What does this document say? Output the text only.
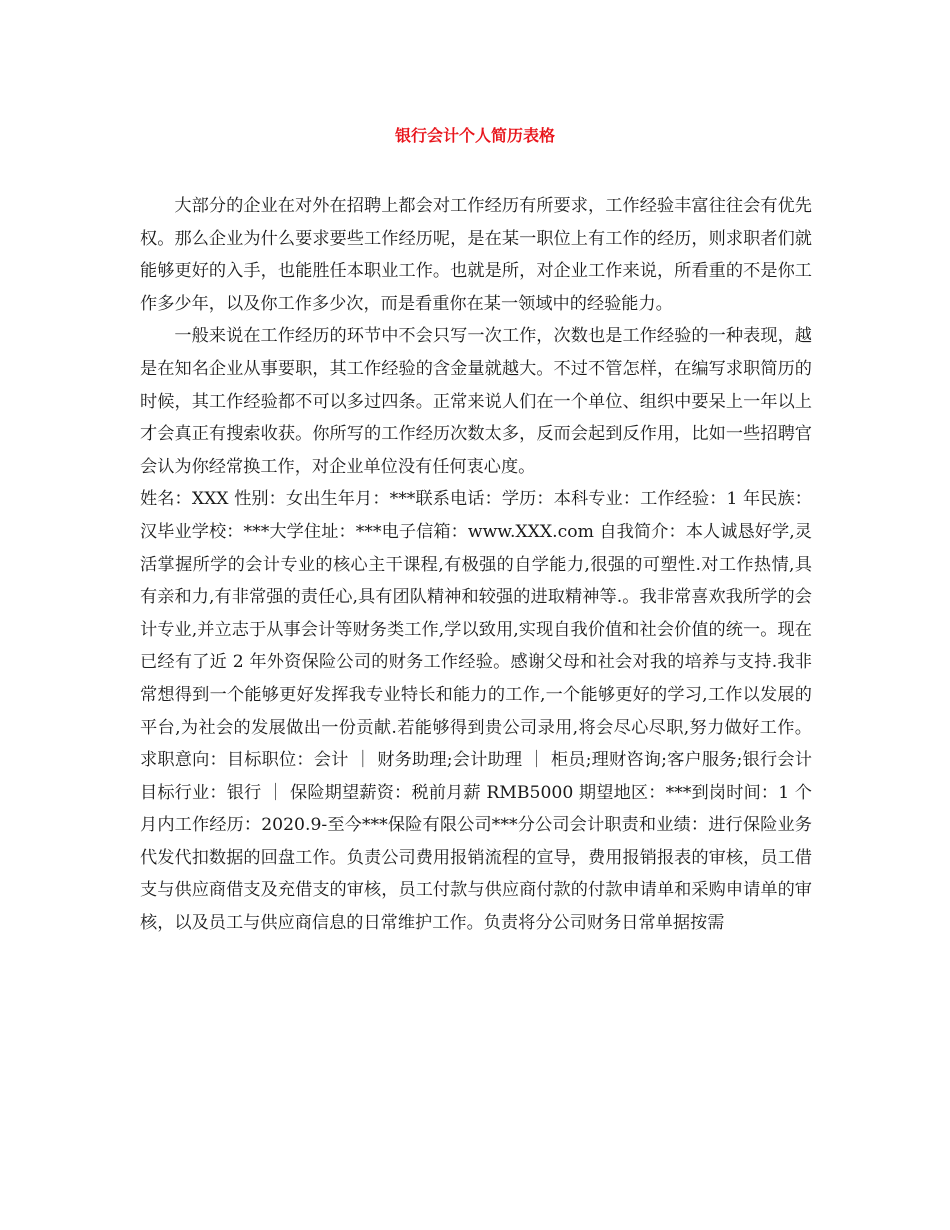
银行会计个人简历表格

大部分的企业在对外在招聘上都会对工作经历有所要求，工作经验丰富往往会有优先权。那么企业为什么要求要些工作经历呢，是在某一职位上有工作的经历，则求职者们就能够更好的入手，也能胜任本职业工作。也就是所，对企业工作来说，所看重的不是你工作多少年，以及你工作多少次，而是看重你在某一领域中的经验能力。

一般来说在工作经历的环节中不会只写一次工作，次数也是工作经验的一种表现，越是在知名企业从事要职，其工作经验的含金量就越大。不过不管怎样，在编写求职简历的时候，其工作经验都不可以多过四条。正常来说人们在一个单位、组织中要呆上一年以上才会真正有搜索收获。你所写的工作经历次数太多，反而会起到反作用，比如一些招聘官会认为你经常换工作，对企业单位没有任何衷心度。

姓名：XXX 性别：女出生年月：***联系电话：学历：本科专业：工作经验：1 年民族：汉毕业学校：***大学住址：***电子信箱：www.XXX.com 自我简介：本人诚恳好学,灵活掌握所学的会计专业的核心主干课程,有极强的自学能力,很强的可塑性.对工作热情,具有亲和力,有非常强的责任心,具有团队精神和较强的进取精神等.。我非常喜欢我所学的会计专业,并立志于从事会计等财务类工作,学以致用,实现自我价值和社会价值的统一。现在已经有了近 2 年外资保险公司的财务工作经验。感谢父母和社会对我的培养与支持.我非常想得到一个能够更好发挥我专业特长和能力的工作,一个能够更好的学习,工作以发展的平台,为社会的发展做出一份贡献.若能够得到贵公司录用,将会尽心尽职,努力做好工作。求职意向：目标职位：会计 ｜ 财务助理;会计助理 ｜ 柜员;理财咨询;客户服务;银行会计目标行业：银行 ｜ 保险期望薪资：税前月薪 RMB5000 期望地区：***到岗时间：1 个月内工作经历：2020.9-至今***保险有限公司***分公司会计职责和业绩：进行保险业务代发代扣数据的回盘工作。负责公司费用报销流程的宣导，费用报销报表的审核，员工借支与供应商借支及充借支的审核，员工付款与供应商付款的付款申请单和采购申请单的审核，以及员工与供应商信息的日常维护工作。负责将分公司财务日常单据按需
